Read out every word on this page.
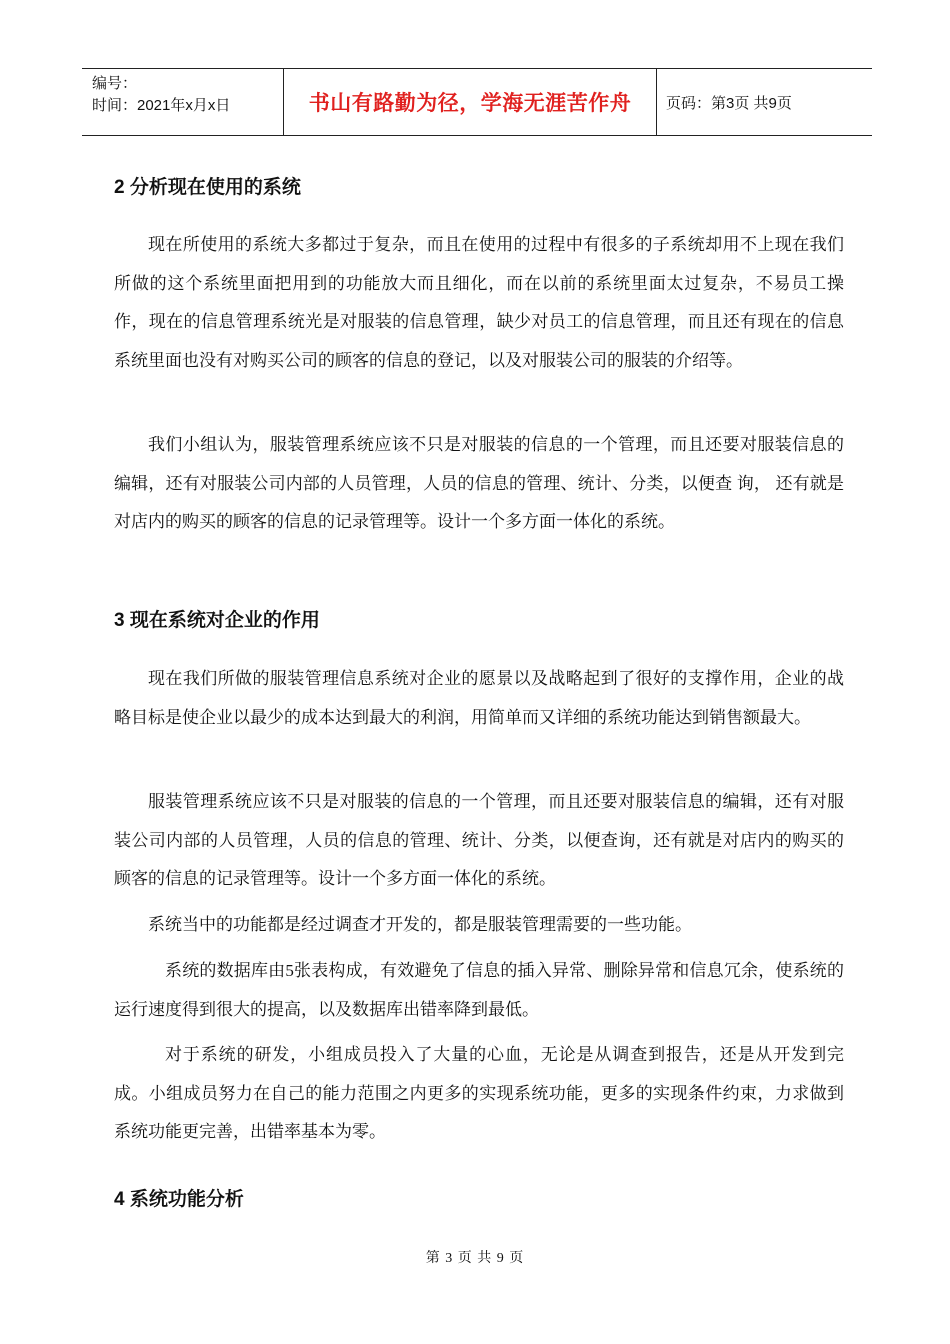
编号：
时间：2021年x月x日	书山有路勤为径，学海无涯苦作舟	页码：第3页 共9页
2 分析现在使用的系统

现在所使用的系统大多都过于复杂，而且在使用的过程中有很多的子系统却用不上现在我们所做的这个系统里面把用到的功能放大而且细化，而在以前的系统里面太过复杂，不易员工操作，现在的信息管理系统光是对服装的信息管理，缺少对员工的信息管理，而且还有现在的信息系统里面也没有对购买公司的顾客的信息的登记，以及对服装公司的服装的介绍等。

我们小组认为，服装管理系统应该不只是对服装的信息的一个管理，而且还要对服装信息的编辑，还有对服装公司内部的人员管理，人员的信息的管理、统计、分类，以便查 询， 还有就是对店内的购买的顾客的信息的记录管理等。设计一个多方面一体化的系统。

3 现在系统对企业的作用

现在我们所做的服装管理信息系统对企业的愿景以及战略起到了很好的支撑作用，企业的战略目标是使企业以最少的成本达到最大的利润，用简单而又详细的系统功能达到销售额最大。

服装管理系统应该不只是对服装的信息的一个管理，而且还要对服装信息的编辑，还有对服装公司内部的人员管理，人员的信息的管理、统计、分类，以便查询，还有就是对店内的购买的顾客的信息的记录管理等。设计一个多方面一体化的系统。

系统当中的功能都是经过调查才开发的，都是服装管理需要的一些功能。

系统的数据库由5张表构成，有效避免了信息的插入异常、删除异常和信息冗余，使系统的运行速度得到很大的提高，以及数据库出错率降到最低。

对于系统的研发，小组成员投入了大量的心血，无论是从调查到报告，还是从开发到完成。小组成员努力在自己的能力范围之内更多的实现系统功能，更多的实现条件约束，力求做到系统功能更完善，出错率基本为零。

4 系统功能分析
第 3 页 共 9 页
